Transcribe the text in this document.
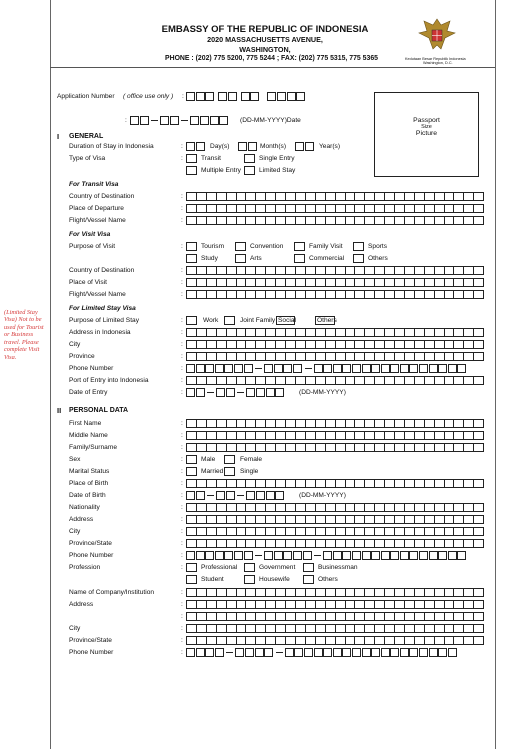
EMBASSY OF THE REPUBLIC OF INDONESIA
2020 MASSACHUSETTS AVENUE,
WASHINGTON,
PHONE : (202) 775 5200, 775 5244 ; FAX: (202) 775 5315, 775 5365	Kedutaan Besar Republik Indonesia
Washington, D.C.
Application Number ( office use only ) :
:	(DD-MM-YYYY)Date	Passport
Size
Picture
(Limited Stay Visa) Not to be used for Tourist or Business travel. Please complete Visit Visa.
I GENERAL
Duration of Stay in Indonesia	:	Day(s)	Month(s)	Year(s)
Type of Visa	:	Transit	Single Entry
Multiple Entry	Limited Stay
For Transit Visa
Country of Destination	:
Place of Departure	:
Flight/Vessel Name	:
For Visit Visa
Purpose of Visit	:	Tourism	Convention	Family Visit	Sports
Study	Arts	Commercial	Others
Country of Destination	:
Place of Visit	:
Flight/Vessel Name	:
For Limited Stay Visa
Purpose of Limited Stay	:	Work	Joint Family Social	Others
Address in Indonesia	:
City	:
Province	:
Phone Number	:
Port of Entry into Indonesia	:
Date of Entry	:	(DD-MM-YYYY)
II PERSONAL DATA
First Name	:
Middle Name	:
Family/Surname	:
Sex	:	Male	Female
Marital Status	:	Married	Single
Place of Birth	:
Date of Birth	:	(DD-MM-YYYY)
Nationality	:
Address	:
City	:
Province/State	:
Phone Number	:
Profession	:	Professional	Government	Businessman
Student	Housewife	Others
Name of Company/Institution	:
Address	:
:
City	:
Province/State	:
Phone Number	:
